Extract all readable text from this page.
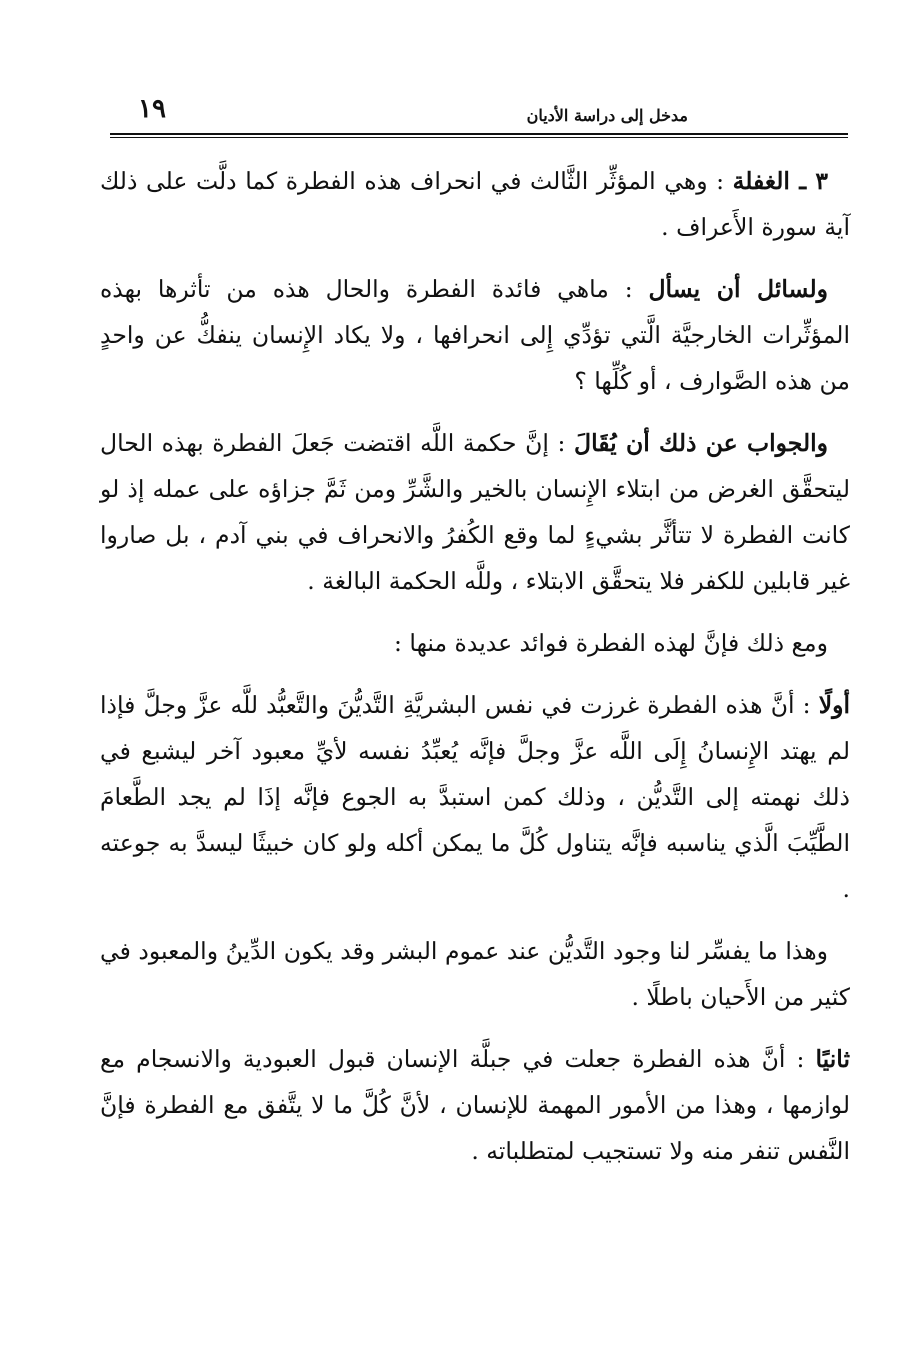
١٩	مدخل إلى دراسة الأديان

٣ ـ الغفلة : وهي المؤثِّر الثَّالث في انحراف هذه الفطرة كما دلَّت على ذلك آية سورة الأَعراف .

ولسائل أن يسأل : ماهي فائدة الفطرة والحال هذه من تأثرها بهذه المؤثِّرات الخارجيَّة الَّتي تؤدِّي إِلى انحرافها ، ولا يكاد الإِنسان ينفكُّ عن واحدٍ من هذه الصَّوارف ، أو كُلِّها ؟

والجواب عن ذلك أن يُقَالَ : إنَّ حكمة اللَّه اقتضت جَعلَ الفطرة بهذه الحال ليتحقَّق الغرض من ابتلاء الإِنسان بالخير والشَّرِّ ومن ثَمَّ جزاؤه على عمله إذ لو كانت الفطرة لا تتأثَّر بشيءٍ لما وقع الكُفرُ والانحراف في بني آدم ، بل صاروا غير قابلين للكفر فلا يتحقَّق الابتلاء ، وللَّه الحكمة البالغة .

ومع ذلك فإنَّ لهذه الفطرة فوائد عديدة منها :

أولًا : أنَّ هذه الفطرة غرزت في نفس البشريَّةِ التَّديُّنَ والتَّعبُّد للَّه عزَّ وجلَّ فإذا لم يهتد الإِنسانُ إِلَى اللَّه عزَّ وجلَّ فإنَّه يُعبِّدُ نفسه لأيِّ معبود آخر ليشبع في ذلك نهمته إلى التَّديُّن ، وذلك كمن استبدَّ به الجوع فإنَّه إذَا لم يجد الطَّعامَ الطَّيِّبَ الَّذي يناسبه فإنَّه يتناول كُلَّ ما يمكن أكله ولو كان خبيثًا ليسدَّ به جوعته .

وهذا ما يفسِّر لنا وجود التَّديُّن عند عموم البشر وقد يكون الدِّينُ والمعبود في كثير من الأَحيان باطلًا .

ثانيًا : أنَّ هذه الفطرة جعلت في جبلَّة الإنسان قبول العبودية والانسجام مع لوازمها ، وهذا من الأمور المهمة للإنسان ، لأنَّ كُلَّ ما لا يتَّفق مع الفطرة فإنَّ النَّفس تنفر منه ولا تستجيب لمتطلباته .
